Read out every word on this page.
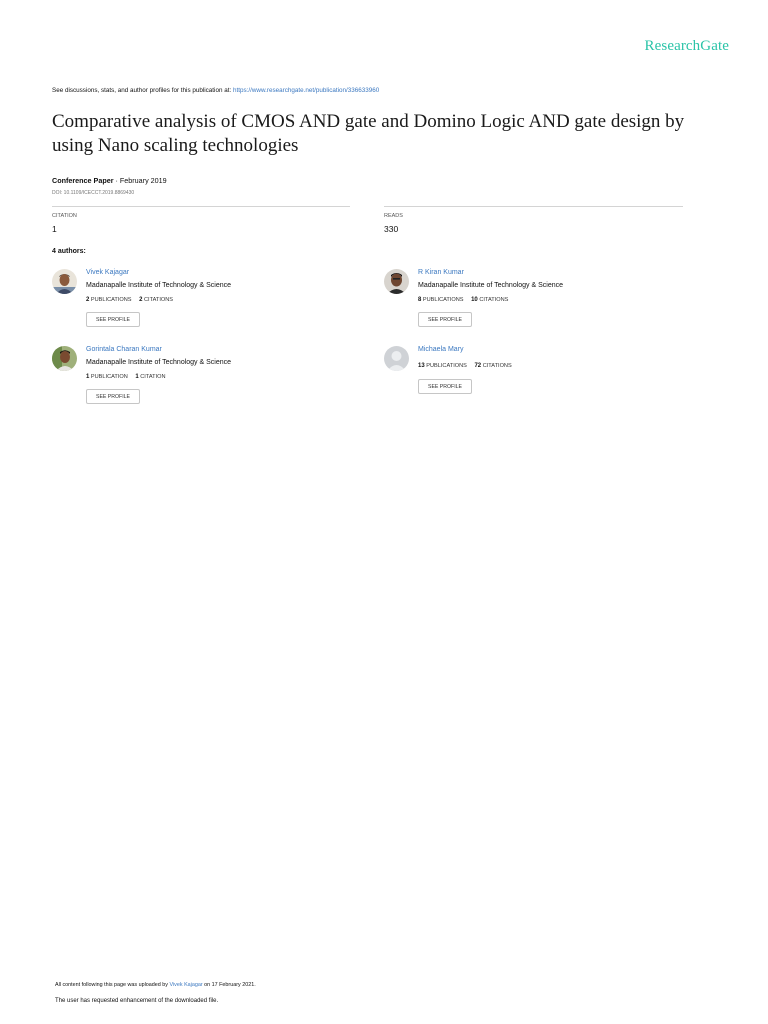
ResearchGate
See discussions, stats, and author profiles for this publication at: https://www.researchgate.net/publication/336633960
Comparative analysis of CMOS AND gate and Domino Logic AND gate design by using Nano scaling technologies
Conference Paper · February 2019
DOI: 10.1109/ICECCT.2019.8869430
CITATION
1
READS
330
4 authors:
Vivek Kajagar
Madanapalle Institute of Technology & Science
2 PUBLICATIONS 2 CITATIONS
SEE PROFILE
R Kiran Kumar
Madanapalle Institute of Technology & Science
8 PUBLICATIONS 10 CITATIONS
SEE PROFILE
Gorintala Charan Kumar
Madanapalle Institute of Technology & Science
1 PUBLICATION 1 CITATION
SEE PROFILE
Michaela Mary
13 PUBLICATIONS 72 CITATIONS
SEE PROFILE
All content following this page was uploaded by Vivek Kajagar on 17 February 2021.
The user has requested enhancement of the downloaded file.
